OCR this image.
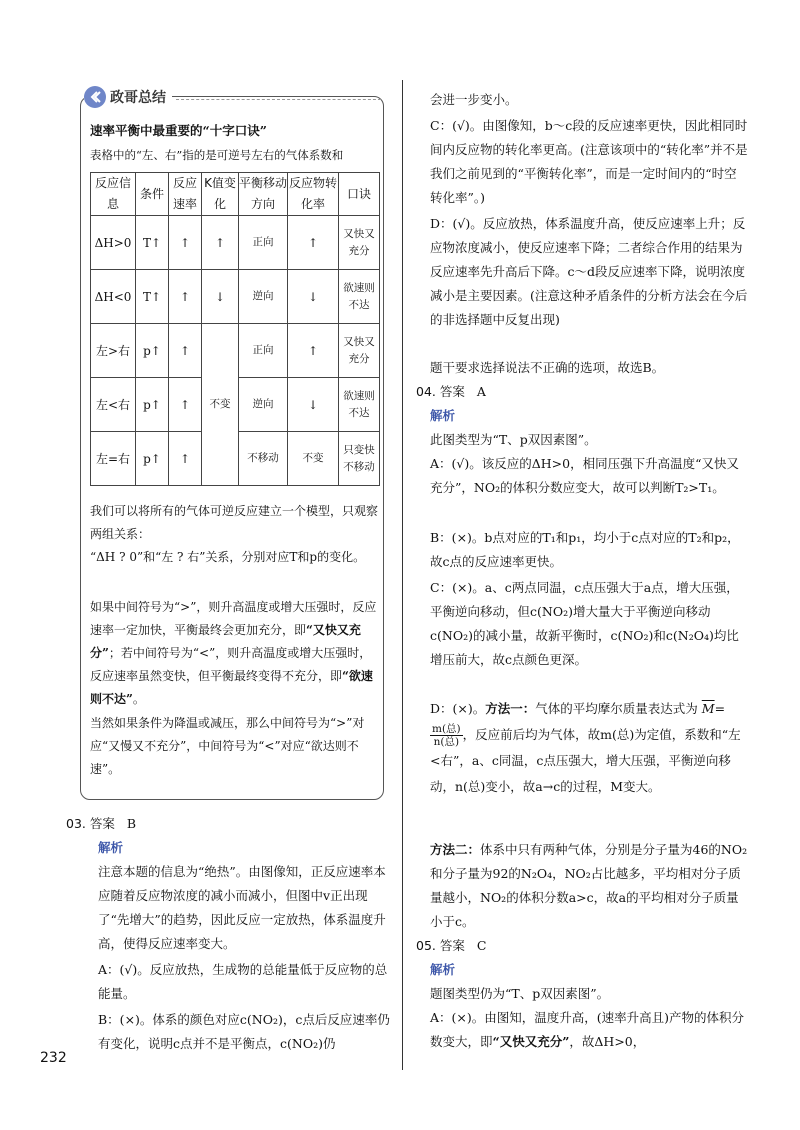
政哥总结
速率平衡中最重要的“十字口诀”
表格中的“左、右”指的是可逆号左右的气体系数和
反应信息	条件	反应速率	K值变化	平衡移动方向	反应物转化率	口诀
ΔH>0	T↑	↑	↑	正向	↑	又快又充分
ΔH<0	T↑	↑	↓	逆向	↓	欲速则不达
左>右	p↑	↑	不变	正向	↑	又快又充分
左<右	p↑	↑		逆向	↓	欲速则不达
左=右	p↑	↑		不移动	不变	只变快不移动
我们可以将所有的气体可逆反应建立一个模型，只观察两组关系：
“ΔH ? 0”和“左 ? 右”关系，分别对应T和p的变化。
如果中间符号为“>”，则升高温度或增大压强时，反应速率一定加快，平衡最终会更加充分，即“又快又充分”；若中间符号为“<”，则升高温度或增大压强时，反应速率虽然变快，但平衡最终变得不充分，即“欲速则不达”。
当然如果条件为降温或减压，那么中间符号为“>”对应“又慢又不充分”，中间符号为“<”对应“欲达则不速”。
03. 答案 B
解析
注意本题的信息为“绝热”。由图像知，正反应速率本应随着反应物浓度的减小而减小，但图中v正出现了“先增大”的趋势，因此反应一定放热，体系温度升高，使得反应速率变大。
A：(√)。反应放热，生成物的总能量低于反应物的总能量。
B：(×)。体系的颜色对应c(NO₂)，c点后反应速率仍有变化，说明c点并不是平衡点，c(NO₂)仍
232
会进一步变小。
C：(√)。由图像知，b～c段的反应速率更快，因此相同时间内反应物的转化率更高。(注意该项中的“转化率”并不是我们之前见到的“平衡转化率”，而是一定时间内的“时空转化率”。)
D：(√)。反应放热，体系温度升高，使反应速率上升；反应物浓度减小，使反应速率下降；二者综合作用的结果为反应速率先升高后下降。c～d段反应速率下降，说明浓度减小是主要因素。(注意这种矛盾条件的分析方法会在今后的非选择题中反复出现)
题干要求选择说法不正确的选项，故选B。
04. 答案 A
解析
此图类型为“T、p双因素图”。
A：(√)。该反应的ΔH>0，相同压强下升高温度“又快又充分”，NO₂的体积分数应变大，故可以判断T₂>T₁。
B：(×)。b点对应的T₁和p₁，均小于c点对应的T₂和p₂，故c点的反应速率更快。
C：(×)。a、c两点同温，c点压强大于a点，增大压强，平衡逆向移动，但c(NO₂)增大量大于平衡逆向移动c(NO₂)的减小量，故新平衡时，c(NO₂)和c(N₂O₄)均比增压前大，故c点颜色更深。
D：(×)。方法一：气体的平均摩尔质量表达式为 $\overline{M}=$
$\frac{\text{m(总)}}{\text{n(总)}}$ ，反应前后均为气体，故m(总)为定值，系数和“左<右”，a、c同温，c点压强大，增大压强，平衡逆向移动，n(总)变小，故a→c的过程，M变大。
方法二：体系中只有两种气体，分别是分子量为46的NO₂和分子量为92的N₂O₄，NO₂占比越多，平均相对分子质量越小，NO₂的体积分数a>c，故a的平均相对分子质量小于c。
05. 答案 C
解析
题图类型仍为“T、p双因素图”。
A：(×)。由图知，温度升高，(速率升高且)产物的体积分数变大，即“又快又充分”，故ΔH>0，
